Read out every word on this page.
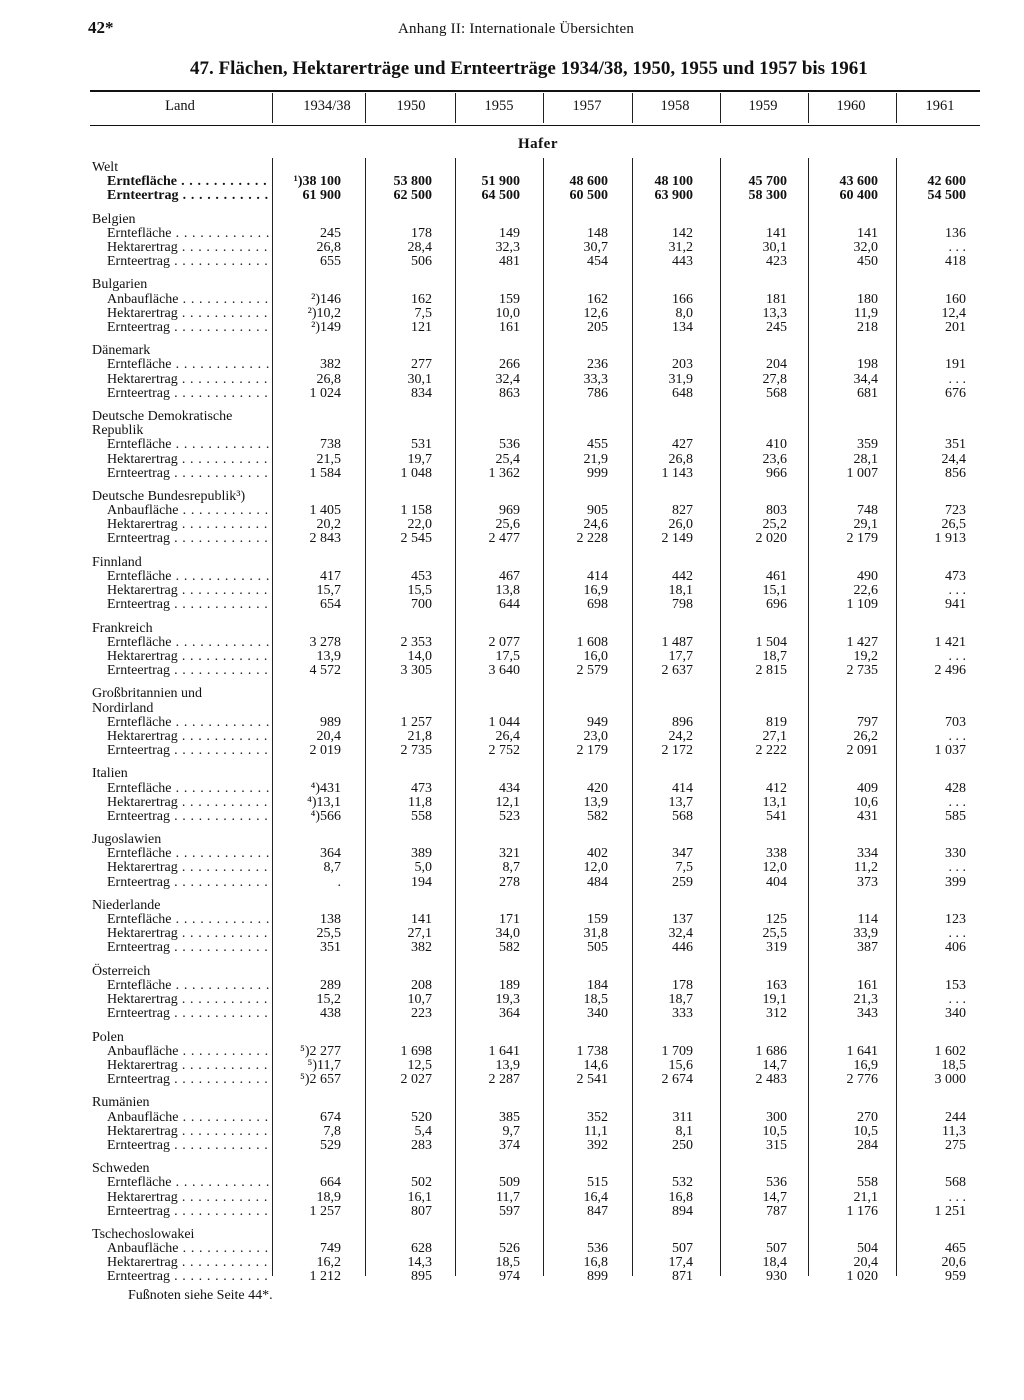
42*	Anhang II: Internationale Übersichten
47. Flächen, Hektarerträge und Ernteerträge 1934/38, 1950, 1955 und 1957 bis 1961
Land	1934/38	1950	1955	1957	1958	1959	1960	1961
Hafer
Welt
Erntefläche . . .	¹)38 100	53 800	51 900	48 600	48 100	45 700	43 600	42 600
Ernteertrag . . .	61 900	62 500	64 500	60 500	63 900	58 300	60 400	54 500
Belgien
Erntefläche . . .	245	178	149	148	142	141	141	136
Hektarertrag . . .	26,8	28,4	32,3	30,7	31,2	30,1	32,0	. . .
Ernteertrag . . .	655	506	481	454	443	423	450	418
Bulgarien
Anbaufläche . . .	²)146	162	159	162	166	181	180	160
Hektarertrag . . .	²)10,2	7,5	10,0	12,6	8,0	13,3	11,9	12,4
Ernteertrag . . .	²)149	121	161	205	134	245	218	201
Dänemark
Erntefläche . . .	382	277	266	236	203	204	198	191
Hektarertrag . . .	26,8	30,1	32,4	33,3	31,9	27,8	34,4	. . .
Ernteertrag . . .	1 024	834	863	786	648	568	681	676
Deutsche Demokratische
Republik
Erntefläche . . .	738	531	536	455	427	410	359	351
Hektarertrag . . .	21,5	19,7	25,4	21,9	26,8	23,6	28,1	24,4
Ernteertrag . . .	1 584	1 048	1 362	999	1 143	966	1 007	856
Deutsche Bundesrepublik³)
Anbaufläche . . .	1 405	1 158	969	905	827	803	748	723
Hektarertrag . . .	20,2	22,0	25,6	24,6	26,0	25,2	29,1	26,5
Ernteertrag . . .	2 843	2 545	2 477	2 228	2 149	2 020	2 179	1 913
Finnland
Erntefläche . . .	417	453	467	414	442	461	490	473
Hektarertrag . . .	15,7	15,5	13,8	16,9	18,1	15,1	22,6	. . .
Ernteertrag . . .	654	700	644	698	798	696	1 109	941
Frankreich
Erntefläche . . .	3 278	2 353	2 077	1 608	1 487	1 504	1 427	1 421
Hektarertrag . . .	13,9	14,0	17,5	16,0	17,7	18,7	19,2	. . .
Ernteertrag . . .	4 572	3 305	3 640	2 579	2 637	2 815	2 735	2 496
Großbritannien und
Nordirland
Erntefläche . . .	989	1 257	1 044	949	896	819	797	703
Hektarertrag . . .	20,4	21,8	26,4	23,0	24,2	27,1	26,2	. . .
Ernteertrag . . .	2 019	2 735	2 752	2 179	2 172	2 222	2 091	1 037
Italien
Erntefläche . . .	⁴)431	473	434	420	414	412	409	428
Hektarertrag . . .	⁴)13,1	11,8	12,1	13,9	13,7	13,1	10,6	. . .
Ernteertrag . . .	⁴)566	558	523	582	568	541	431	585
Jugoslawien
Erntefläche . . .	364	389	321	402	347	338	334	330
Hektarertrag . . .	8,7	5,0	8,7	12,0	7,5	12,0	11,2	. . .
Ernteertrag . . .	.	194	278	484	259	404	373	399
Niederlande
Erntefläche . . .	138	141	171	159	137	125	114	123
Hektarertrag . . .	25,5	27,1	34,0	31,8	32,4	25,5	33,9	. . .
Ernteertrag . . .	351	382	582	505	446	319	387	406
Österreich
Erntefläche . . .	289	208	189	184	178	163	161	153
Hektarertrag . . .	15,2	10,7	19,3	18,5	18,7	19,1	21,3	. . .
Ernteertrag . . .	438	223	364	340	333	312	343	340
Polen
Anbaufläche . . .	⁵)2 277	1 698	1 641	1 738	1 709	1 686	1 641	1 602
Hektarertrag . . .	⁵)11,7	12,5	13,9	14,6	15,6	14,7	16,9	18,5
Ernteertrag . . .	⁵)2 657	2 027	2 287	2 541	2 674	2 483	2 776	3 000
Rumänien
Anbaufläche . . .	674	520	385	352	311	300	270	244
Hektarertrag . . .	7,8	5,4	9,7	11,1	8,1	10,5	10,5	11,3
Ernteertrag . . .	529	283	374	392	250	315	284	275
Schweden
Erntefläche . . .	664	502	509	515	532	536	558	568
Hektarertrag . . .	18,9	16,1	11,7	16,4	16,8	14,7	21,1	. . .
Ernteertrag . . .	1 257	807	597	847	894	787	1 176	1 251
Tschechoslowakei
Anbaufläche . . .	749	628	526	536	507	507	504	465
Hektarertrag . . .	16,2	14,3	18,5	16,8	17,4	18,4	20,4	20,6
Ernteertrag . . .	1 212	895	974	899	871	930	1 020	959
Fußnoten siehe Seite 44*.
